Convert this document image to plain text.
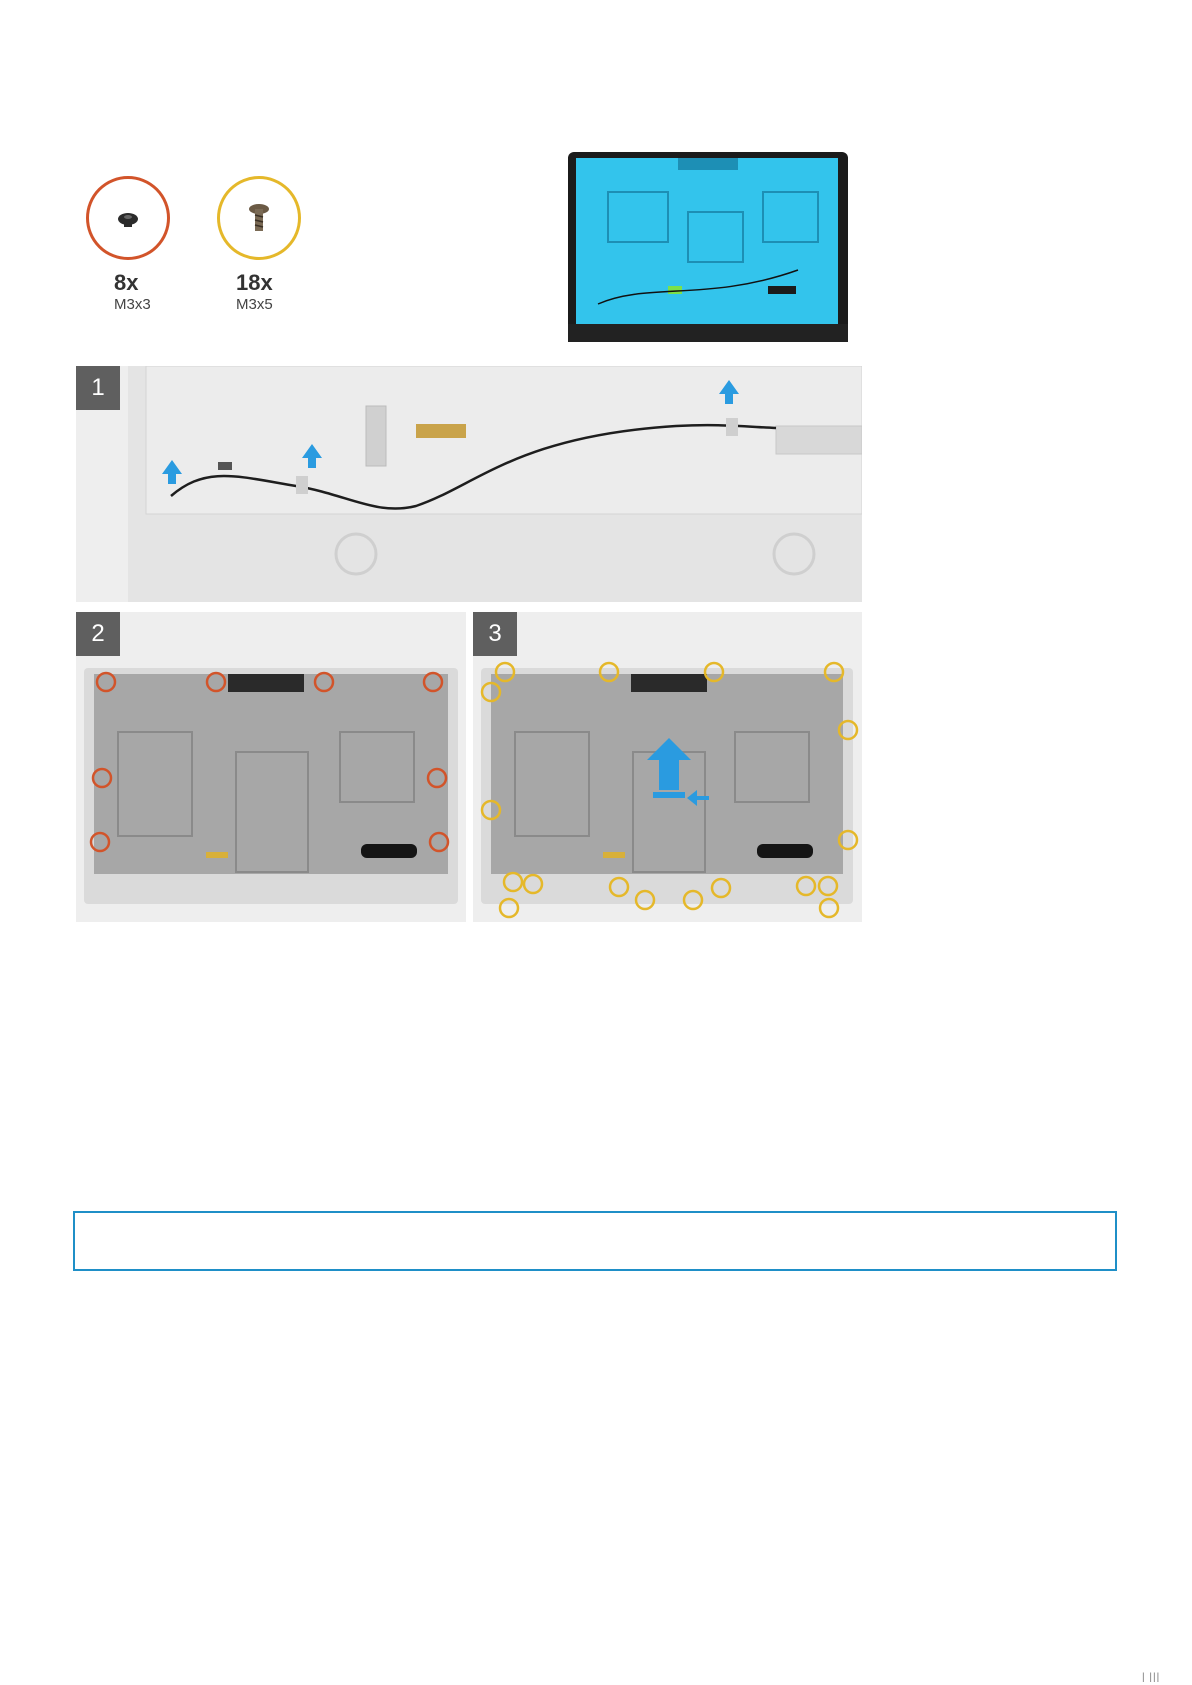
8x
M3x3
18x
M3x5
1
2	3
| |||
